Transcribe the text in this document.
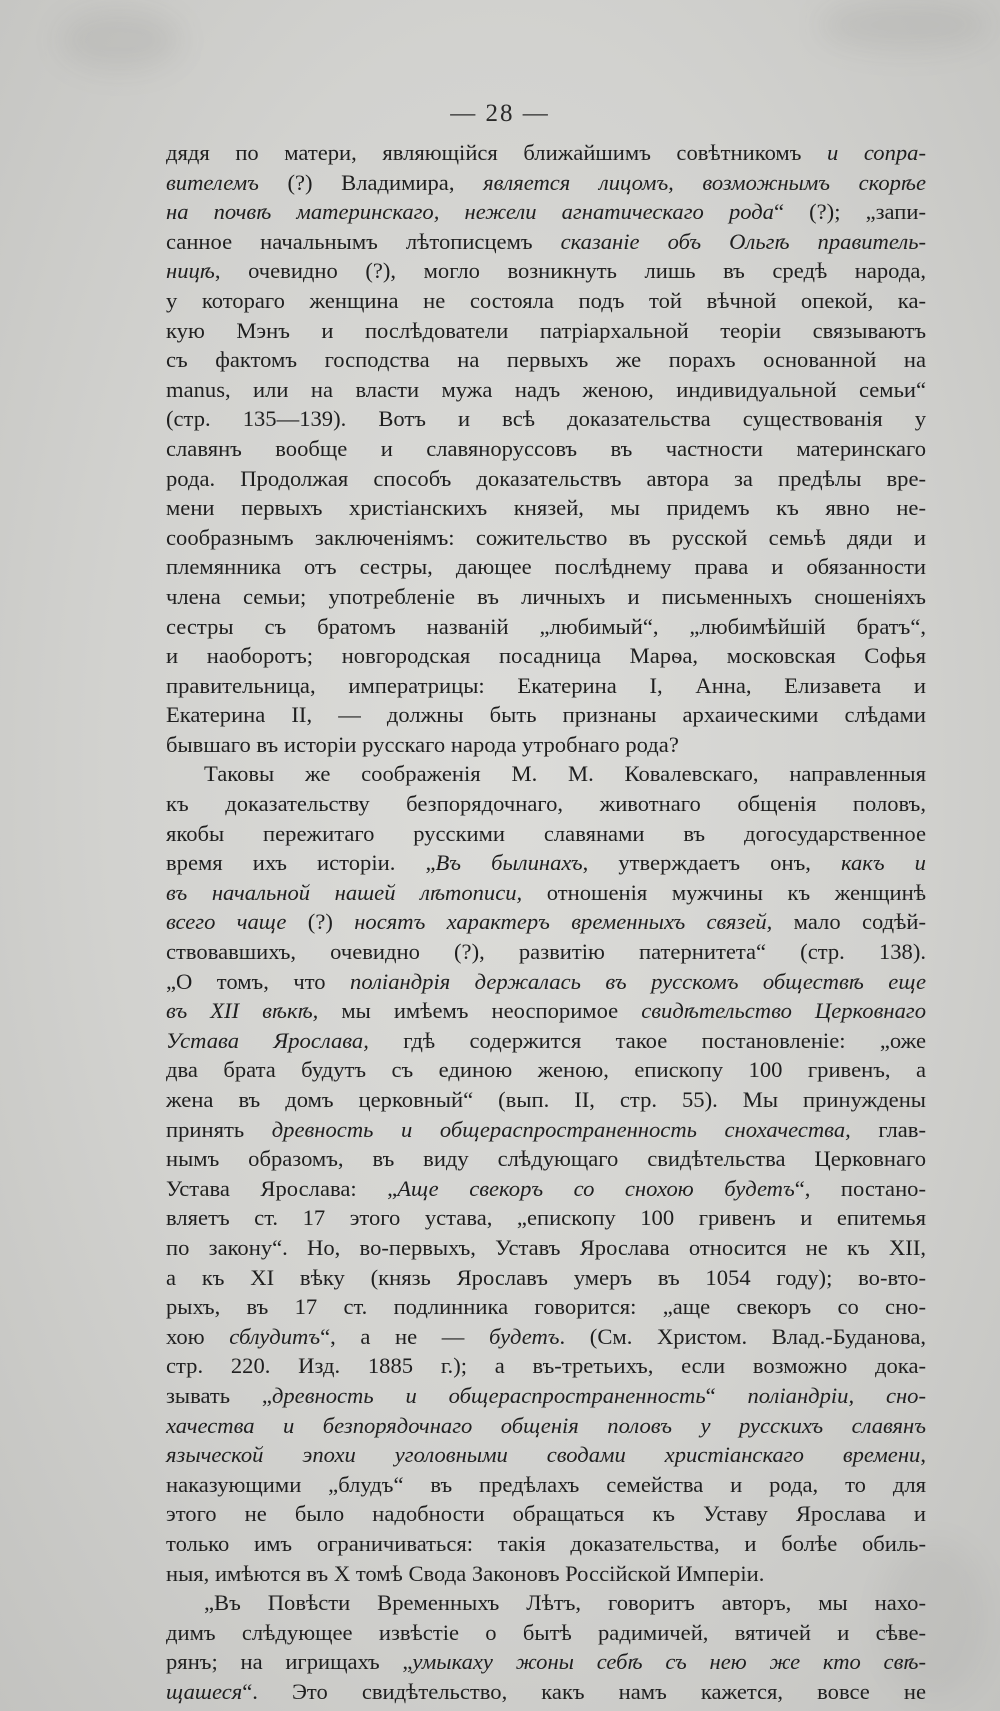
— 28 —
дядя по матери, являющійся ближайшимъ совѣтникомъ и сопра-
вителемъ (?) Владимира, является лицомъ, возможнымъ скорѣе
на почвѣ материнскаго, нежели агнатическаго рода“ (?); „запи-
санное начальнымъ лѣтописцемъ сказаніе объ Ольгѣ правитель-
ницѣ, очевидно (?), могло возникнуть лишь въ средѣ народа,
у котораго женщина не состояла подъ той вѣчной опекой, ка-
кую Мэнъ и послѣдователи патріархальной теоріи связываютъ
съ фактомъ господства на первыхъ же порахъ основанной на
manus, или на власти мужа надъ женою, индивидуальной семьи“
(стр. 135—139). Вотъ и всѣ доказательства существованія у
славянъ вообще и славяноруссовъ въ частности материнскаго
рода. Продолжая способъ доказательствъ автора за предѣлы вре-
мени первыхъ христіанскихъ князей, мы придемъ къ явно не-
сообразнымъ заключеніямъ: сожительство въ русской семьѣ дяди и
племянника отъ сестры, дающее послѣднему права и обязанности
члена семьи; употребленіе въ личныхъ и письменныхъ сношеніяхъ
сестры съ братомъ названій „любимый“, „любимѣйшій братъ“,
и наоборотъ; новгородская посадница Марѳа, московская Софья
правительница, императрицы: Екатерина I, Анна, Елизавета и
Екатерина II, — должны быть признаны архаическими слѣдами
бывшаго въ исторіи русскаго народа утробнаго рода?
Таковы же соображенія М. М. Ковалевскаго, направленныя
къ доказательству безпорядочнаго, животнаго общенія половъ,
якобы пережитаго русскими славянами въ догосударственное
время ихъ исторіи. „Въ былинахъ, утверждаетъ онъ, какъ и
въ начальной нашей лѣтописи, отношенія мужчины къ женщинѣ
всего чаще (?) носятъ характеръ временныхъ связей, мало содѣй-
ствовавшихъ, очевидно (?), развитію патернитета“ (стр. 138).
„О томъ, что поліандрія держалась въ русскомъ обществѣ еще
въ XII вѣкѣ, мы имѣемъ неоспоримое свидѣтельство Церковнаго
Устава Ярослава, гдѣ содержится такое постановленіе: „оже
два брата будутъ съ единою женою, епископу 100 гривенъ, а
жена въ домъ церковный“ (вып. II, стр. 55). Мы принуждены
принять древность и общераспространенность снохачества, глав-
нымъ образомъ, въ виду слѣдующаго свидѣтельства Церковнаго
Устава Ярослава: „Аще свекоръ со снохою будетъ“, постано-
вляетъ ст. 17 этого устава, „епископу 100 гривенъ и епитемья
по закону“. Но, во-первыхъ, Уставъ Ярослава относится не къ XII,
а къ XI вѣку (князь Ярославъ умеръ въ 1054 году); во-вто-
рыхъ, въ 17 ст. подлинника говорится: „аще свекоръ со сно-
хою сблудитъ“, а не — будетъ. (См. Христом. Влад.-Буданова,
стр. 220. Изд. 1885 г.); а въ-третьихъ, если возможно дока-
зывать „древность и общераспространенность“ поліандріи, сно-
хачества и безпорядочнаго общенія половъ у русскихъ славянъ
языческой эпохи уголовными сводами христіанскаго времени,
наказующими „блудъ“ въ предѣлахъ семейства и рода, то для
этого не было надобности обращаться къ Уставу Ярослава и
только имъ ограничиваться: такія доказательства, и болѣе обиль-
ныя, имѣются въ X томѣ Свода Законовъ Россійской Имперіи.
„Въ Повѣсти Временныхъ Лѣтъ, говоритъ авторъ, мы нахо-
димъ слѣдующее извѣстіе о бытѣ радимичей, вятичей и сѣве-
рянъ; на игрищахъ „умыкаху жоны себѣ съ нею же кто свѣ-
щашеся“. Это свидѣтельство, какъ намъ кажется, вовсе не
